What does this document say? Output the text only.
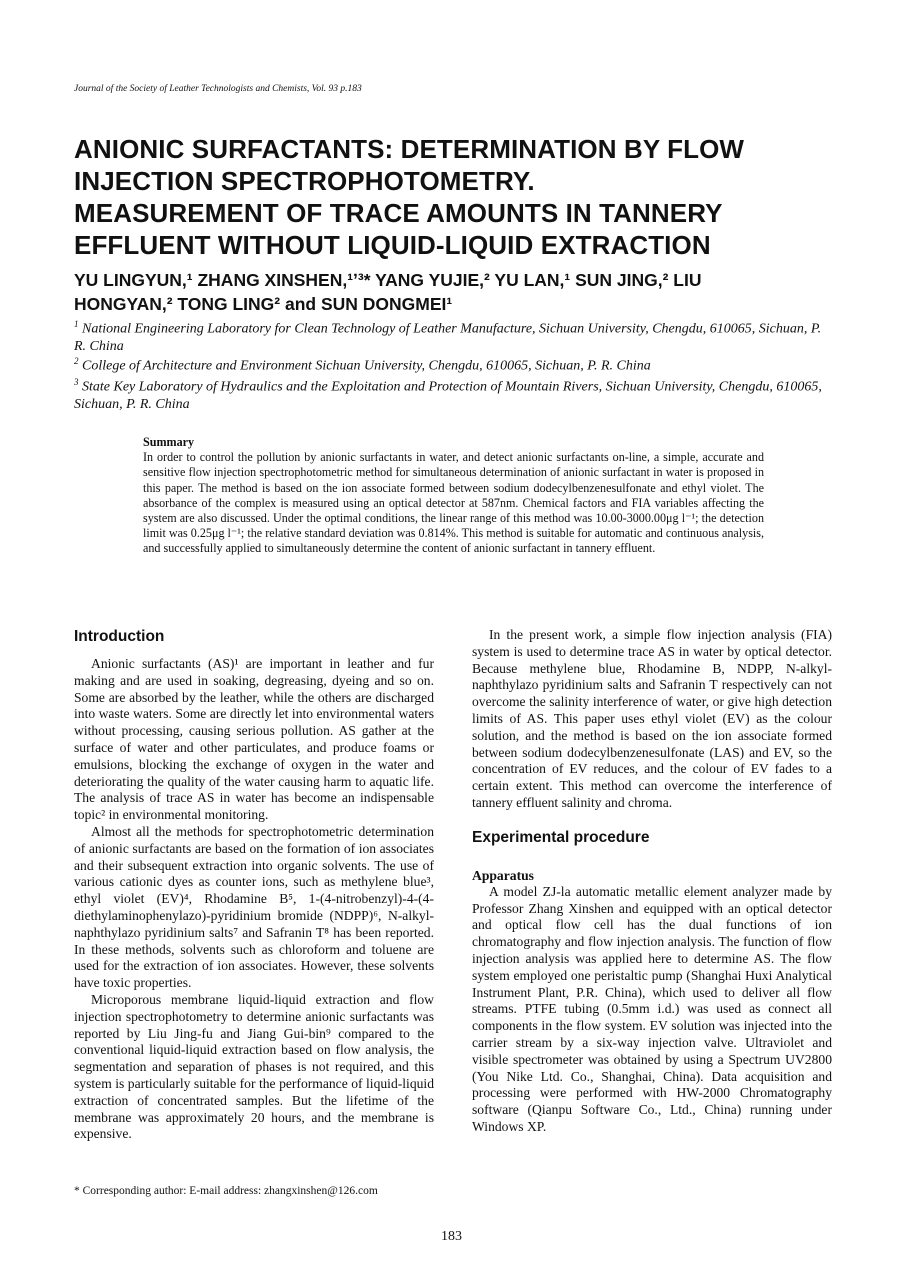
Journal of the Society of Leather Technologists and Chemists, Vol. 93 p.183
ANIONIC SURFACTANTS: DETERMINATION BY FLOW
INJECTION SPECTROPHOTOMETRY.
MEASUREMENT OF TRACE AMOUNTS IN TANNERY
EFFLUENT WITHOUT LIQUID-LIQUID EXTRACTION
YU LINGYUN,¹ ZHANG XINSHEN,¹ʼ³* YANG YUJIE,² YU LAN,¹ SUN JING,² LIU
HONGYAN,² TONG LING² and SUN DONGMEI¹
$^1$ National Engineering Laboratory for Clean Technology of Leather Manufacture, Sichuan University, Chengdu, 610065, Sichuan, P. R. China
$^2$ College of Architecture and Environment Sichuan University, Chengdu, 610065, Sichuan, P. R. China
$^3$ State Key Laboratory of Hydraulics and the Exploitation and Protection of Mountain Rivers, Sichuan University, Chengdu, 610065, Sichuan, P. R. China
Summary
In order to control the pollution by anionic surfactants in water, and detect anionic surfactants on-line, a simple, accurate and sensitive flow injection spectrophotometric method for simultaneous determination of anionic surfactant in water is proposed in this paper. The method is based on the ion associate formed between sodium dodecylbenzenesulfonate and ethyl violet. The absorbance of the complex is measured using an optical detector at 587nm. Chemical factors and FIA variables affecting the system are also discussed. Under the optimal conditions, the linear range of this method was 10.00-3000.00μg l⁻¹; the detection limit was 0.25μg l⁻¹; the relative standard deviation was 0.814%. This method is suitable for automatic and continuous analysis, and successfully applied to simultaneously determine the content of anionic surfactant in tannery effluent.
Introduction

Anionic surfactants (AS)¹ are important in leather and fur making and are used in soaking, degreasing, dyeing and so on. Some are absorbed by the leather, while the others are discharged into waste waters. Some are directly let into environmental waters without processing, causing serious pollution. AS gather at the surface of water and other particulates, and produce foams or emulsions, blocking the exchange of oxygen in the water and deteriorating the quality of the water causing harm to aquatic life. The analysis of trace AS in water has become an indispensable topic² in environmental monitoring.

Almost all the methods for spectrophotometric determination of anionic surfactants are based on the formation of ion associates and their subsequent extraction into organic solvents. The use of various cationic dyes as counter ions, such as methylene blue³, ethyl violet (EV)⁴, Rhodamine B⁵, 1-(4-nitrobenzyl)-4-(4-diethylaminophenylazo)-pyridinium bromide (NDPP)⁶, N-alkyl-naphthylazo pyridinium salts⁷ and Safranin T⁸ has been reported. In these methods, solvents such as chloroform and toluene are used for the extraction of ion associates. However, these solvents have toxic properties.

Microporous membrane liquid-liquid extraction and flow injection spectrophotometry to determine anionic surfactants was reported by Liu Jing-fu and Jiang Gui-bin⁹ compared to the conventional liquid-liquid extraction based on flow analysis, the segmentation and separation of phases is not required, and this system is particularly suitable for the performance of liquid-liquid extraction of concentrated samples. But the lifetime of the membrane was approximately 20 hours, and the membrane is expensive.

In the present work, a simple flow injection analysis (FIA) system is used to determine trace AS in water by optical detector. Because methylene blue, Rhodamine B, NDPP, N-alkyl-naphthylazo pyridinium salts and Safranin T respectively can not overcome the salinity interference of water, or give high detection limits of AS. This paper uses ethyl violet (EV) as the colour solution, and the method is based on the ion associate formed between sodium dodecylbenzenesulfonate (LAS) and EV, so the concentration of EV reduces, and the colour of EV fades to a certain extent. This method can overcome the interference of tannery effluent salinity and chroma.

Experimental procedure
Apparatus

A model ZJ-la automatic metallic element analyzer made by Professor Zhang Xinshen and equipped with an optical detector and optical flow cell has the dual functions of ion chromatography and flow injection analysis. The function of flow injection analysis was applied here to determine AS. The flow system employed one peristaltic pump (Shanghai Huxi Analytical Instrument Plant, P.R. China), which used to deliver all flow streams. PTFE tubing (0.5mm i.d.) was used as connect all components in the flow system. EV solution was injected into the carrier stream by a six-way injection valve. Ultraviolet and visible spectrometer was obtained by using a Spectrum UV2800 (You Nike Ltd. Co., Shanghai, China). Data acquisition and processing were performed with HW-2000 Chromatography software (Qianpu Software Co., Ltd., China) running under Windows XP.

* Corresponding author: E-mail address: zhangxinshen@126.com
183
